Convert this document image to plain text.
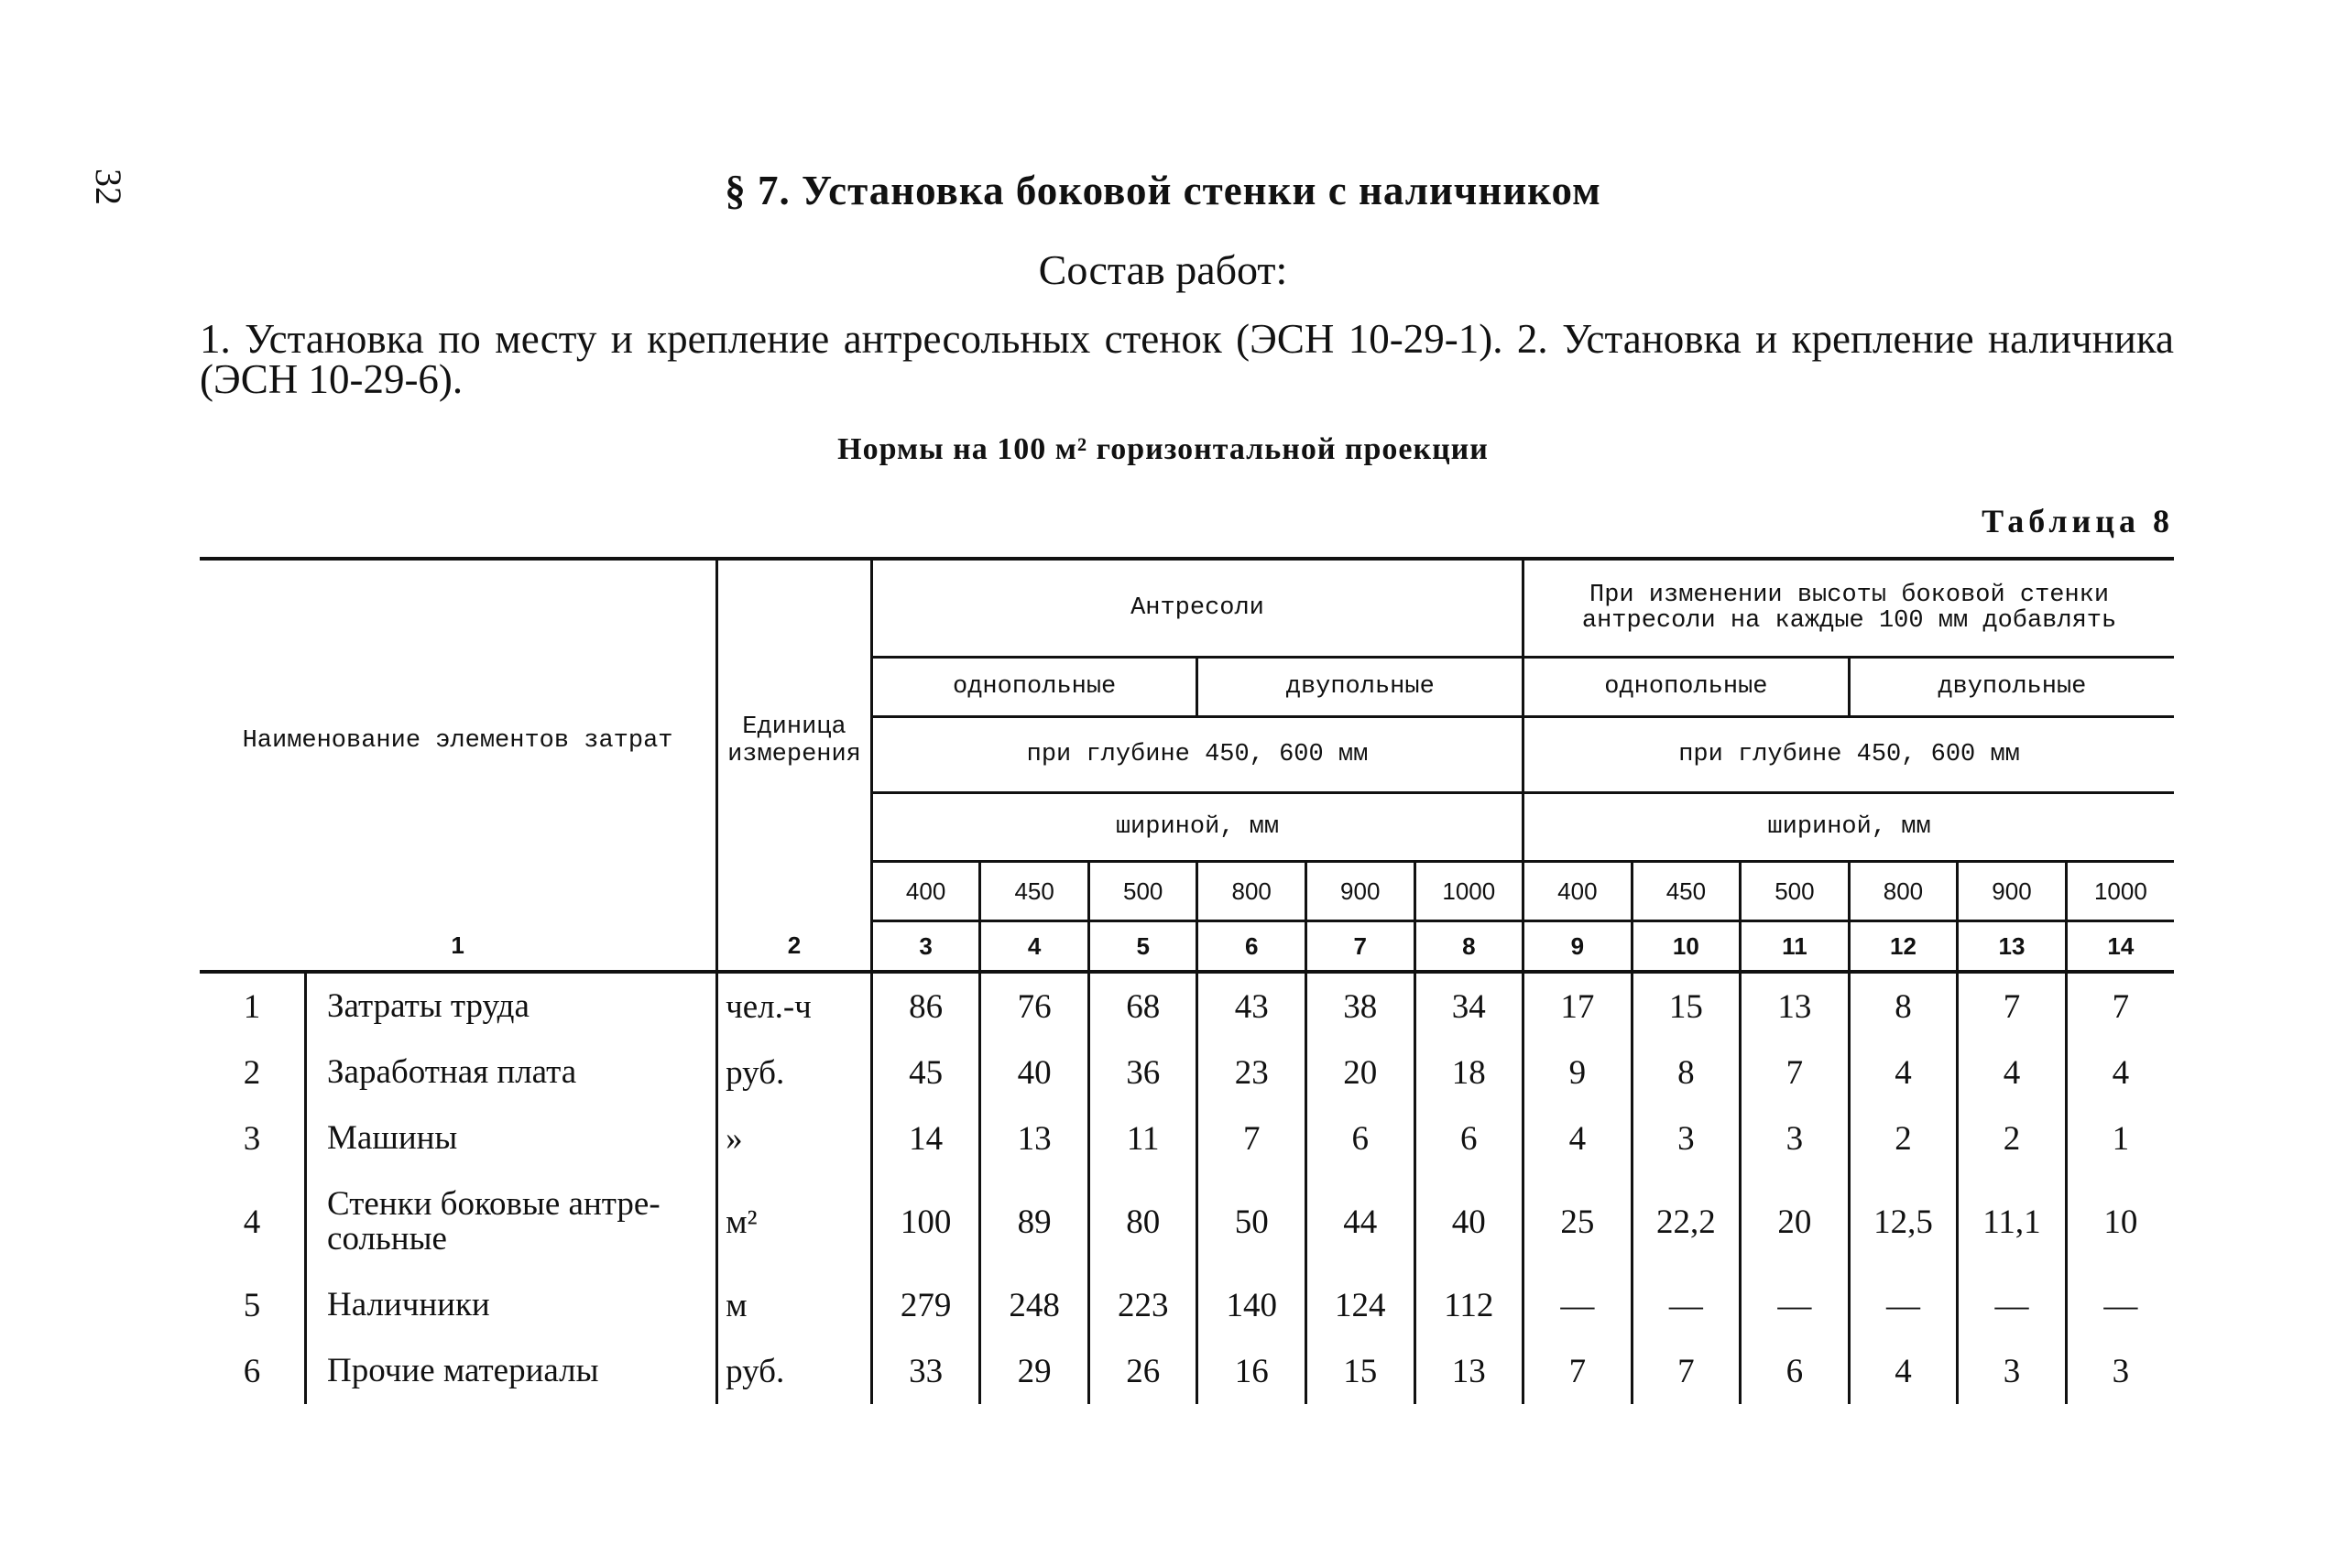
32	§ 7. Установка боковой стенки с наличником
Состав работ:
1. Установка по месту и крепление антресольных стенок (ЭСН 10-29-1). 2. Установка и крепление наличника (ЭСН 10-29-6).
Нормы на 100 м² горизонтальной проекции
Таблица 8
Наименование элементов затрат		Единица измерения	Антресоли						При изменении высоты боковой стенки антресоли на каждые 100 мм добавлять					
			однопольные			двупольные			однопольные			двупольные		
			при глубине 450, 600 мм						при глубине 450, 600 мм					
			шириной, мм						шириной, мм					
			400	450	500	800	900	1000	400	450	500	800	900	1000
1		2	3	4	5	6	7	8	9	10	11	12	13	14
1	Затраты труда	чел.-ч	86	76	68	43	38	34	17	15	13	8	7	7
2	Заработная плата	руб.	45	40	36	23	20	18	9	8	7	4	4	4
3	Машины	»	14	13	11	7	6	6	4	3	3	2	2	1
4	Стенки боковые антресольные	м²	100	89	80	50	44	40	25	22,2	20	12,5	11,1	10
5	Наличники	м	279	248	223	140	124	112	—	—	—	—	—	—
6	Прочие материалы	руб.	33	29	26	16	15	13	7	7	6	4	3	3
